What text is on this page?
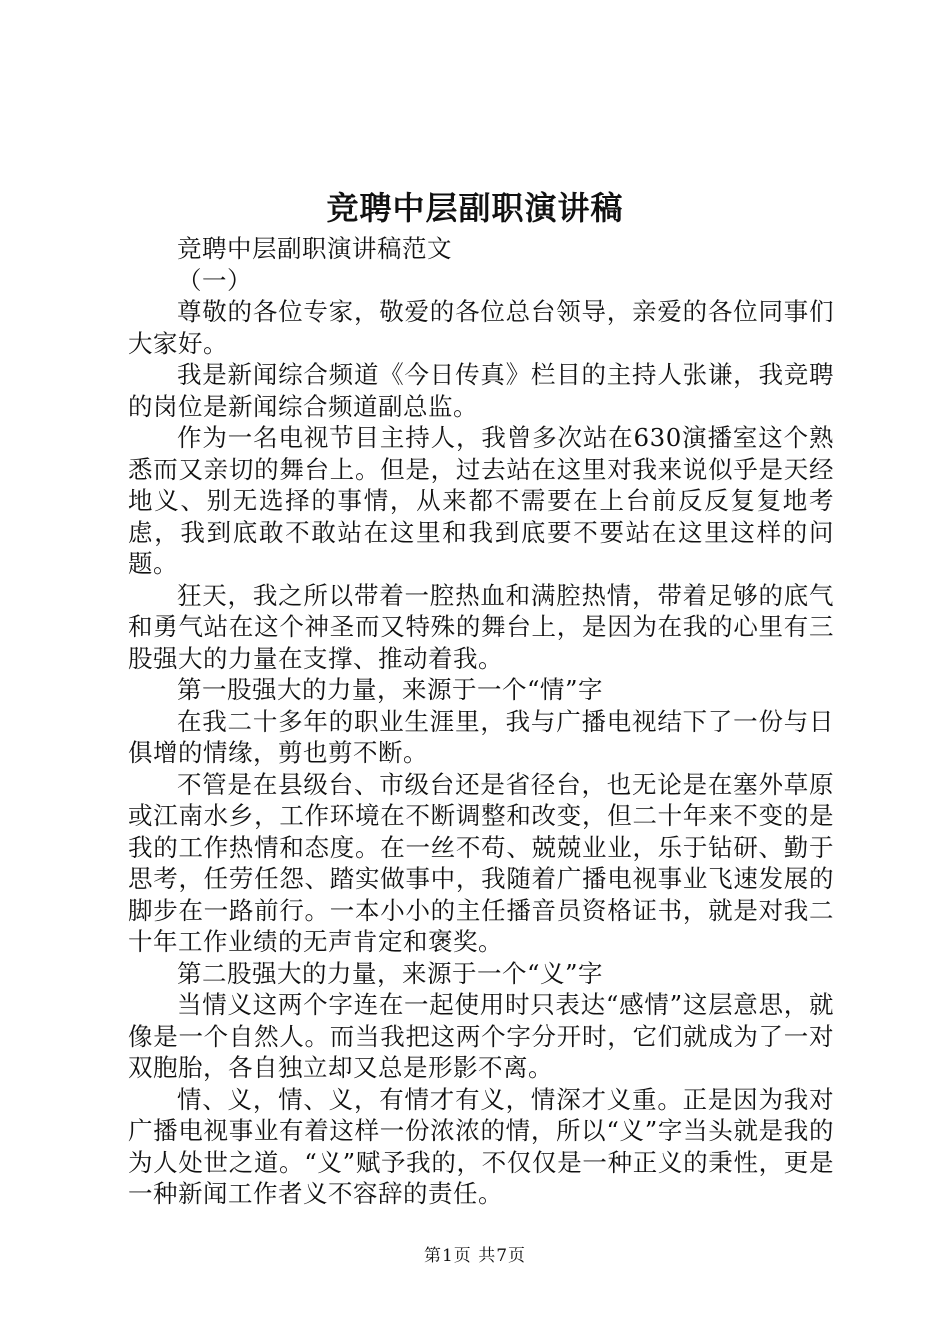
竞聘中层副职演讲稿

竞聘中层副职演讲稿范文

（一）

尊敬的各位专家，敬爱的各位总台领导，亲爱的各位同事们大家好。

我是新闻综合频道《今日传真》栏目的主持人张谦，我竞聘的岗位是新闻综合频道副总监。

作为一名电视节目主持人，我曾多次站在630演播室这个熟悉而又亲切的舞台上。但是，过去站在这里对我来说似乎是天经地义、别无选择的事情，从来都不需要在上台前反反复复地考虑，我到底敢不敢站在这里和我到底要不要站在这里这样的问题。

狂天，我之所以带着一腔热血和满腔热情，带着足够的底气和勇气站在这个神圣而又特殊的舞台上，是因为在我的心里有三股强大的力量在支撑、推动着我。

第一股强大的力量，来源于一个“情”字

在我二十多年的职业生涯里，我与广播电视结下了一份与日俱增的情缘，剪也剪不断。

不管是在县级台、市级台还是省径台，也无论是在塞外草原或江南水乡，工作环境在不断调整和改变，但二十年来不变的是我的工作热情和态度。在一丝不苟、兢兢业业，乐于钻研、勤于思考，任劳任怨、踏实做事中，我随着广播电视事业飞速发展的脚步在一路前行。一本小小的主任播音员资格证书，就是对我二十年工作业绩的无声肯定和褒奖。

第二股强大的力量，来源于一个“义”字

当情义这两个字连在一起使用时只表达“感情”这层意思，就像是一个自然人。而当我把这两个字分开时，它们就成为了一对双胞胎，各自独立却又总是形影不离。

情、义，情、义，有情才有义，情深才义重。正是因为我对广播电视事业有着这样一份浓浓的情，所以“义”字当头就是我的为人处世之道。“义”赋予我的，不仅仅是一种正义的秉性，更是一种新闻工作者义不容辞的责任。

第1页 共7页
